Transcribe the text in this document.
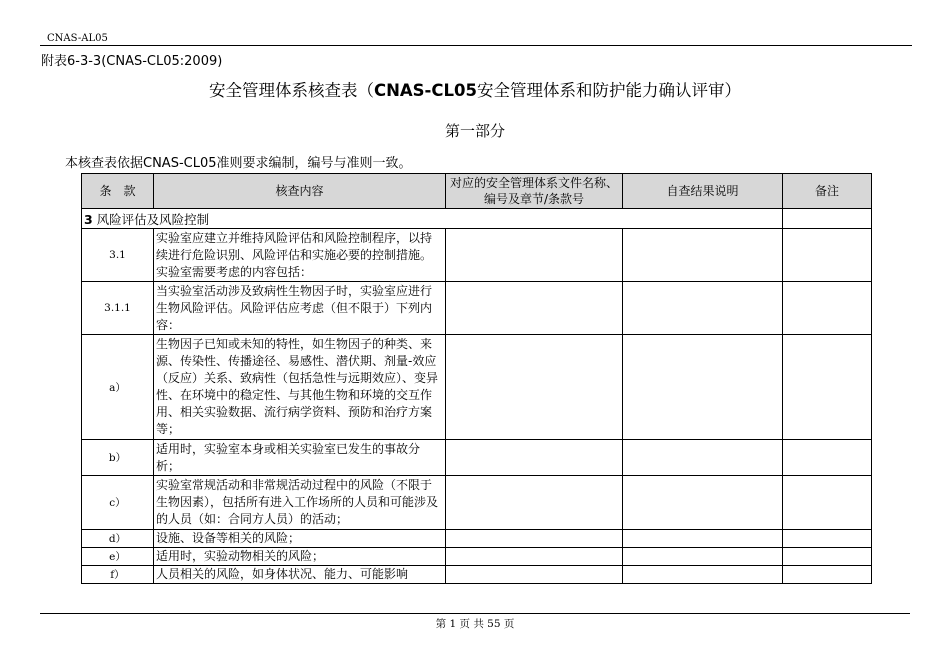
CNAS-AL05
附表6-3-3(CNAS-CL05:2009)
安全管理体系核查表（CNAS-CL05安全管理体系和防护能力确认评审）
第一部分
本核查表依据CNAS-CL05准则要求编制，编号与准则一致。
条　款	核查内容	对应的安全管理体系文件名称、编号及章节/条款号	自查结果说明	备注
3 风险评估及风险控制				
3.1	实验室应建立并维持风险评估和风险控制程序，以持续进行危险识别、风险评估和实施必要的控制措施。实验室需要考虑的内容包括：			
3.1.1	当实验室活动涉及致病性生物因子时，实验室应进行生物风险评估。风险评估应考虑（但不限于）下列内容：			
a）	生物因子已知或未知的特性，如生物因子的种类、来源、传染性、传播途径、易感性、潜伏期、剂量-效应（反应）关系、致病性（包括急性与远期效应）、变异性、在环境中的稳定性、与其他生物和环境的交互作用、相关实验数据、流行病学资料、预防和治疗方案等；			
b）	适用时，实验室本身或相关实验室已发生的事故分析；			
c）	实验室常规活动和非常规活动过程中的风险（不限于生物因素），包括所有进入工作场所的人员和可能涉及的人员（如：合同方人员）的活动；			
d）	设施、设备等相关的风险；			
e）	适用时，实验动物相关的风险；			
f）	人员相关的风险，如身体状况、能力、可能影响			
第 1 页 共 55 页
